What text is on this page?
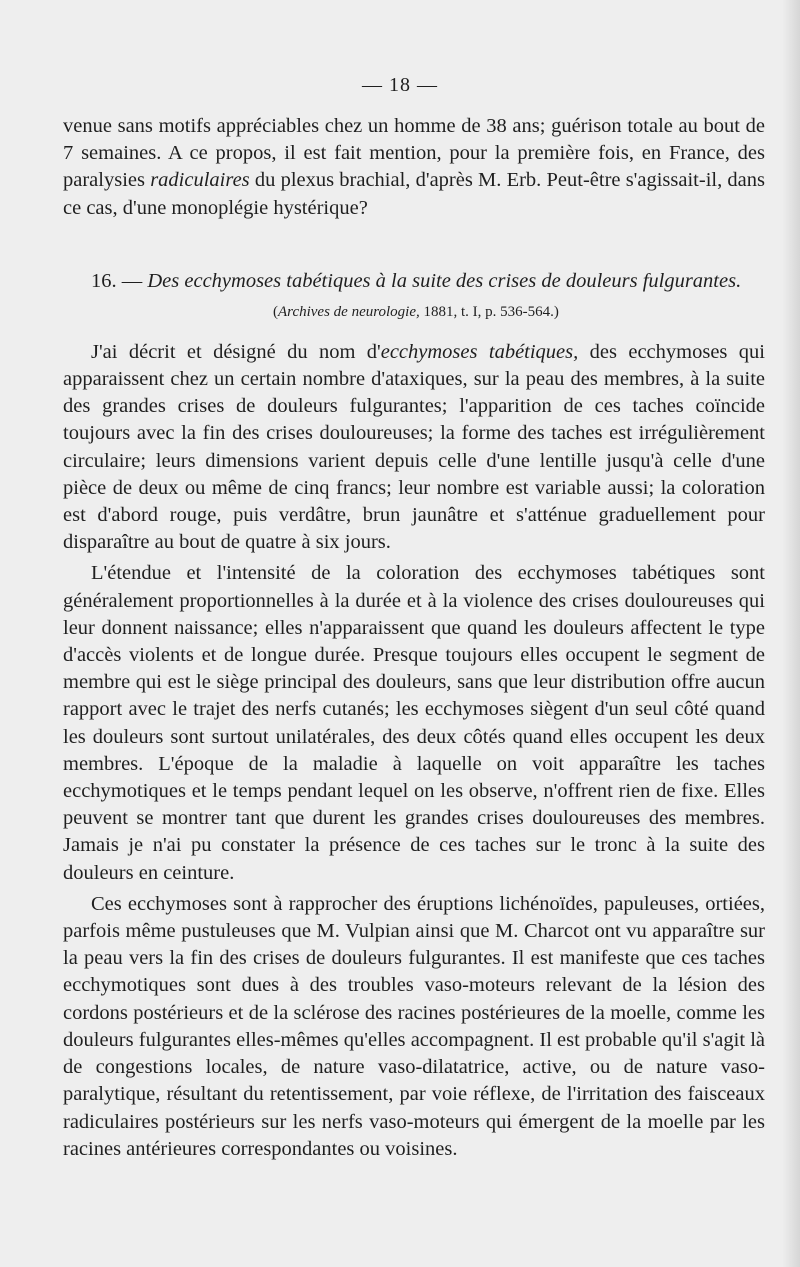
— 18 —

venue sans motifs appréciables chez un homme de 38 ans; guérison totale au bout de 7 semaines. A ce propos, il est fait mention, pour la première fois, en France, des paralysies radiculaires du plexus brachial, d'après M. Erb. Peut-être s'agissait-il, dans ce cas, d'une monoplégie hystérique?

16. — Des ecchymoses tabétiques à la suite des crises de douleurs fulgurantes.
(Archives de neurologie, 1881, t. I, p. 536-564.)

J'ai décrit et désigné du nom d'ecchymoses tabétiques, des ecchymoses qui apparaissent chez un certain nombre d'ataxiques, sur la peau des membres, à la suite des grandes crises de douleurs fulgurantes; l'apparition de ces taches coïncide toujours avec la fin des crises douloureuses; la forme des taches est irrégulièrement circulaire; leurs dimensions varient depuis celle d'une lentille jusqu'à celle d'une pièce de deux ou même de cinq francs; leur nombre est variable aussi; la coloration est d'abord rouge, puis verdâtre, brun jaunâtre et s'atténue graduellement pour disparaître au bout de quatre à six jours.

L'étendue et l'intensité de la coloration des ecchymoses tabétiques sont généralement proportionnelles à la durée et à la violence des crises douloureuses qui leur donnent naissance; elles n'apparaissent que quand les douleurs affectent le type d'accès violents et de longue durée. Presque toujours elles occupent le segment de membre qui est le siège principal des douleurs, sans que leur distribution offre aucun rapport avec le trajet des nerfs cutanés; les ecchymoses siègent d'un seul côté quand les douleurs sont surtout unilatérales, des deux côtés quand elles occupent les deux membres. L'époque de la maladie à laquelle on voit apparaître les taches ecchymotiques et le temps pendant lequel on les observe, n'offrent rien de fixe. Elles peuvent se montrer tant que durent les grandes crises douloureuses des membres. Jamais je n'ai pu constater la présence de ces taches sur le tronc à la suite des douleurs en ceinture.

Ces ecchymoses sont à rapprocher des éruptions lichénoïdes, papuleuses, ortiées, parfois même pustuleuses que M. Vulpian ainsi que M. Charcot ont vu apparaître sur la peau vers la fin des crises de douleurs fulgurantes. Il est manifeste que ces taches ecchymotiques sont dues à des troubles vaso-moteurs relevant de la lésion des cordons postérieurs et de la sclérose des racines postérieures de la moelle, comme les douleurs fulgurantes elles-mêmes qu'elles accompagnent. Il est probable qu'il s'agit là de congestions locales, de nature vaso-dilatatrice, active, ou de nature vaso-paralytique, résultant du retentissement, par voie réflexe, de l'irritation des faisceaux radiculaires postérieurs sur les nerfs vaso-moteurs qui émergent de la moelle par les racines antérieures correspondantes ou voisines.
